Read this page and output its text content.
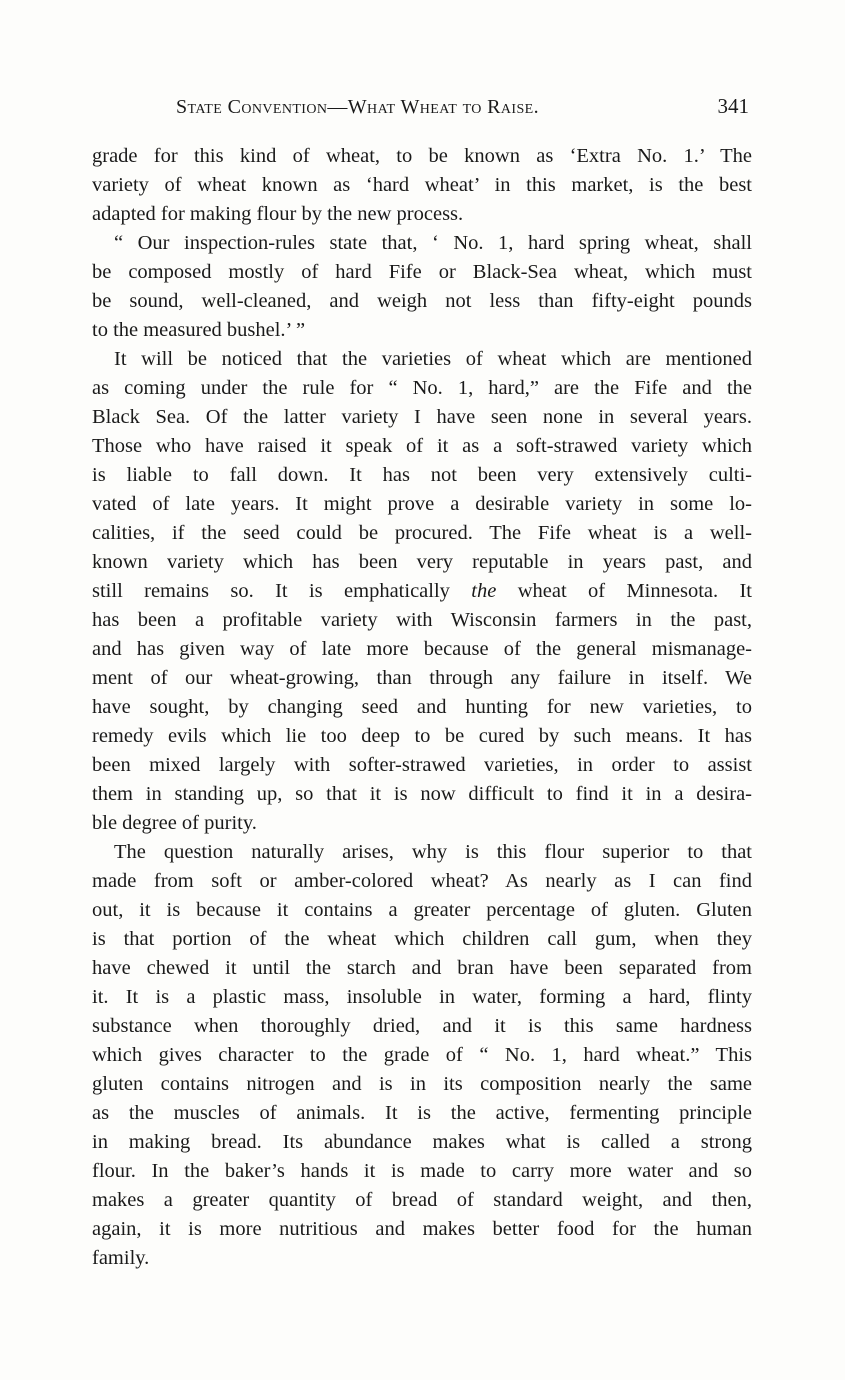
State Convention—What Wheat to Raise.	341

grade for this kind of wheat, to be known as ‘Extra No. 1.’ The
variety of wheat known as ‘hard wheat’ in this market, is the best
adapted for making flour by the new process.

“ Our inspection-rules state that, ‘ No. 1, hard spring wheat, shall
be composed mostly of hard Fife or Black-Sea wheat, which must
be sound, well-cleaned, and weigh not less than fifty-eight pounds
to the measured bushel.’ ”

It will be noticed that the varieties of wheat which are mentioned
as coming under the rule for “ No. 1, hard,” are the Fife and the
Black Sea. Of the latter variety I have seen none in several years.
Those who have raised it speak of it as a soft-strawed variety which
is liable to fall down. It has not been very extensively culti-
vated of late years. It might prove a desirable variety in some lo-
calities, if the seed could be procured. The Fife wheat is a well-
known variety which has been very reputable in years past, and
still remains so. It is emphatically the wheat of Minnesota. It
has been a profitable variety with Wisconsin farmers in the past,
and has given way of late more because of the general mismanage-
ment of our wheat-growing, than through any failure in itself. We
have sought, by changing seed and hunting for new varieties, to
remedy evils which lie too deep to be cured by such means. It has
been mixed largely with softer-strawed varieties, in order to assist
them in standing up, so that it is now difficult to find it in a desira-
ble degree of purity.

The question naturally arises, why is this flour superior to that
made from soft or amber-colored wheat? As nearly as I can find
out, it is because it contains a greater percentage of gluten. Gluten
is that portion of the wheat which children call gum, when they
have chewed it until the starch and bran have been separated from
it. It is a plastic mass, insoluble in water, forming a hard, flinty
substance when thoroughly dried, and it is this same hardness
which gives character to the grade of “ No. 1, hard wheat.” This
gluten contains nitrogen and is in its composition nearly the same
as the muscles of animals. It is the active, fermenting principle
in making bread. Its abundance makes what is called a strong
flour. In the baker’s hands it is made to carry more water and so
makes a greater quantity of bread of standard weight, and then,
again, it is more nutritious and makes better food for the human
family.
